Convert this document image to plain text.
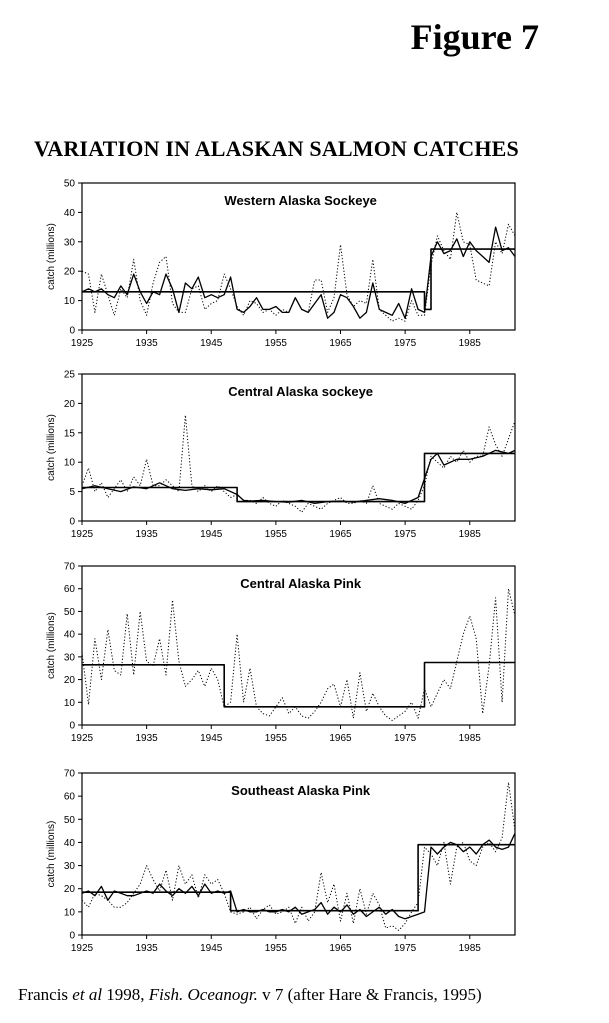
Figure 7
VARIATION IN ALASKAN SALMON CATCHES
0
10
20
30
40
50
1925	1935	1945	1955	1965	1975	1985
catch (millions)
Western Alaska Sockeye
0
5
10
15
20
25
1925	1935	1945	1955	1965	1975	1985
catch (millions)
Central Alaska sockeye
0
10
20
30
40
50
60
70
1925	1935	1945	1955	1965	1975	1985
catch (millions)
Central Alaska Pink
0
10
20
30
40
50
60
70
1925	1935	1945	1955	1965	1975	1985
catch (millions)
Southeast Alaska Pink
Francis et al 1998, Fish. Oceanogr. v 7 (after Hare & Francis, 1995)
